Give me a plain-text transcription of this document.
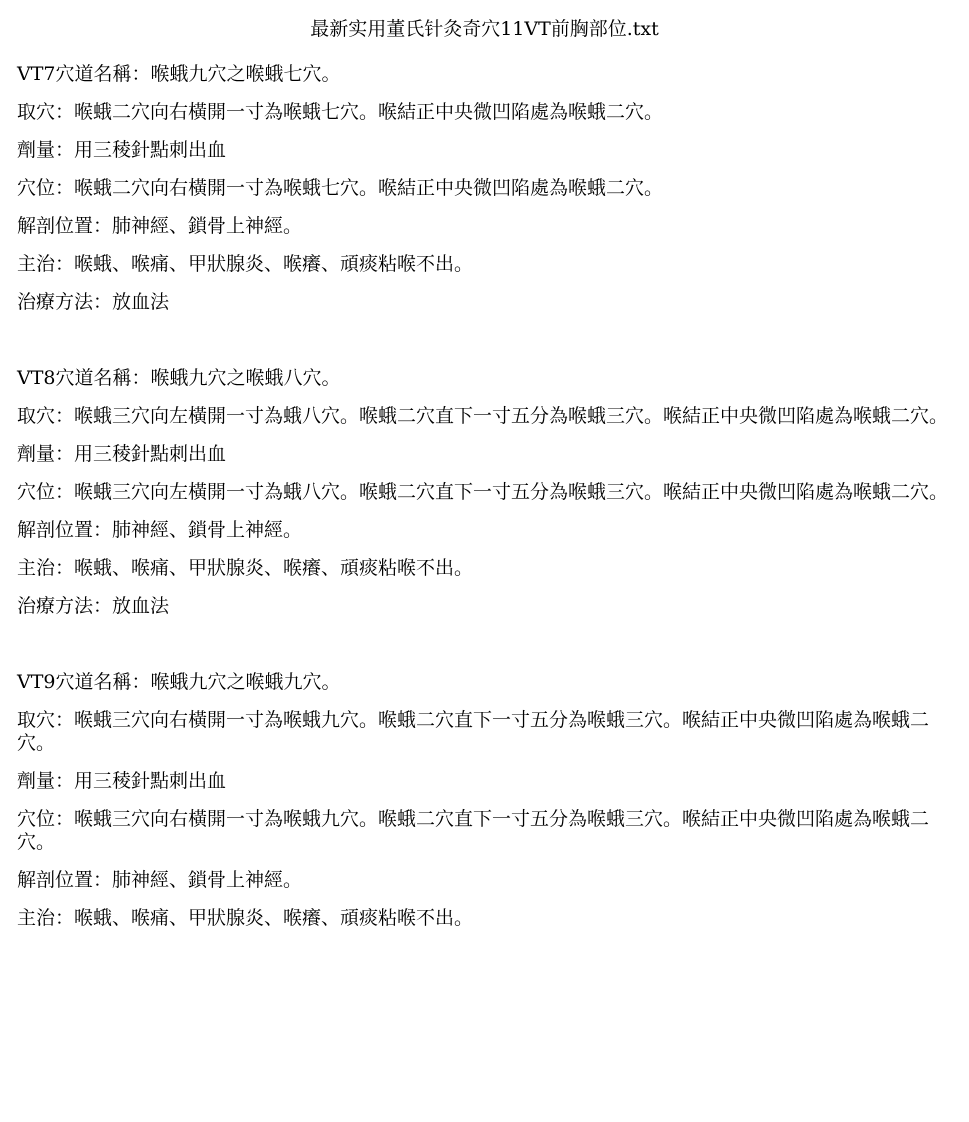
最新实用董氏针灸奇穴11VT前胸部位.txt

VT7穴道名稱：喉蛾九穴之喉蛾七穴。

取穴：喉蛾二穴向右橫開一寸為喉蛾七穴。喉結正中央微凹陷處為喉蛾二穴。

劑量：用三稜針點刺出血

穴位：喉蛾二穴向右橫開一寸為喉蛾七穴。喉結正中央微凹陷處為喉蛾二穴。

解剖位置：肺神經、鎖骨上神經。

主治：喉蛾、喉痛、甲狀腺炎、喉癢、頑痰粘喉不出。

治療方法：放血法

VT8穴道名稱：喉蛾九穴之喉蛾八穴。

取穴：喉蛾三穴向左橫開一寸為蛾八穴。喉蛾二穴直下一寸五分為喉蛾三穴。喉結正中央微凹陷處為喉蛾二穴。

劑量：用三稜針點刺出血

穴位：喉蛾三穴向左橫開一寸為蛾八穴。喉蛾二穴直下一寸五分為喉蛾三穴。喉結正中央微凹陷處為喉蛾二穴。

解剖位置：肺神經、鎖骨上神經。

主治：喉蛾、喉痛、甲狀腺炎、喉癢、頑痰粘喉不出。

治療方法：放血法

VT9穴道名稱：喉蛾九穴之喉蛾九穴。

取穴：喉蛾三穴向右橫開一寸為喉蛾九穴。喉蛾二穴直下一寸五分為喉蛾三穴。喉結正中央微凹陷處為喉蛾二穴。

劑量：用三稜針點刺出血

穴位：喉蛾三穴向右橫開一寸為喉蛾九穴。喉蛾二穴直下一寸五分為喉蛾三穴。喉結正中央微凹陷處為喉蛾二穴。

解剖位置：肺神經、鎖骨上神經。

主治：喉蛾、喉痛、甲狀腺炎、喉癢、頑痰粘喉不出。
